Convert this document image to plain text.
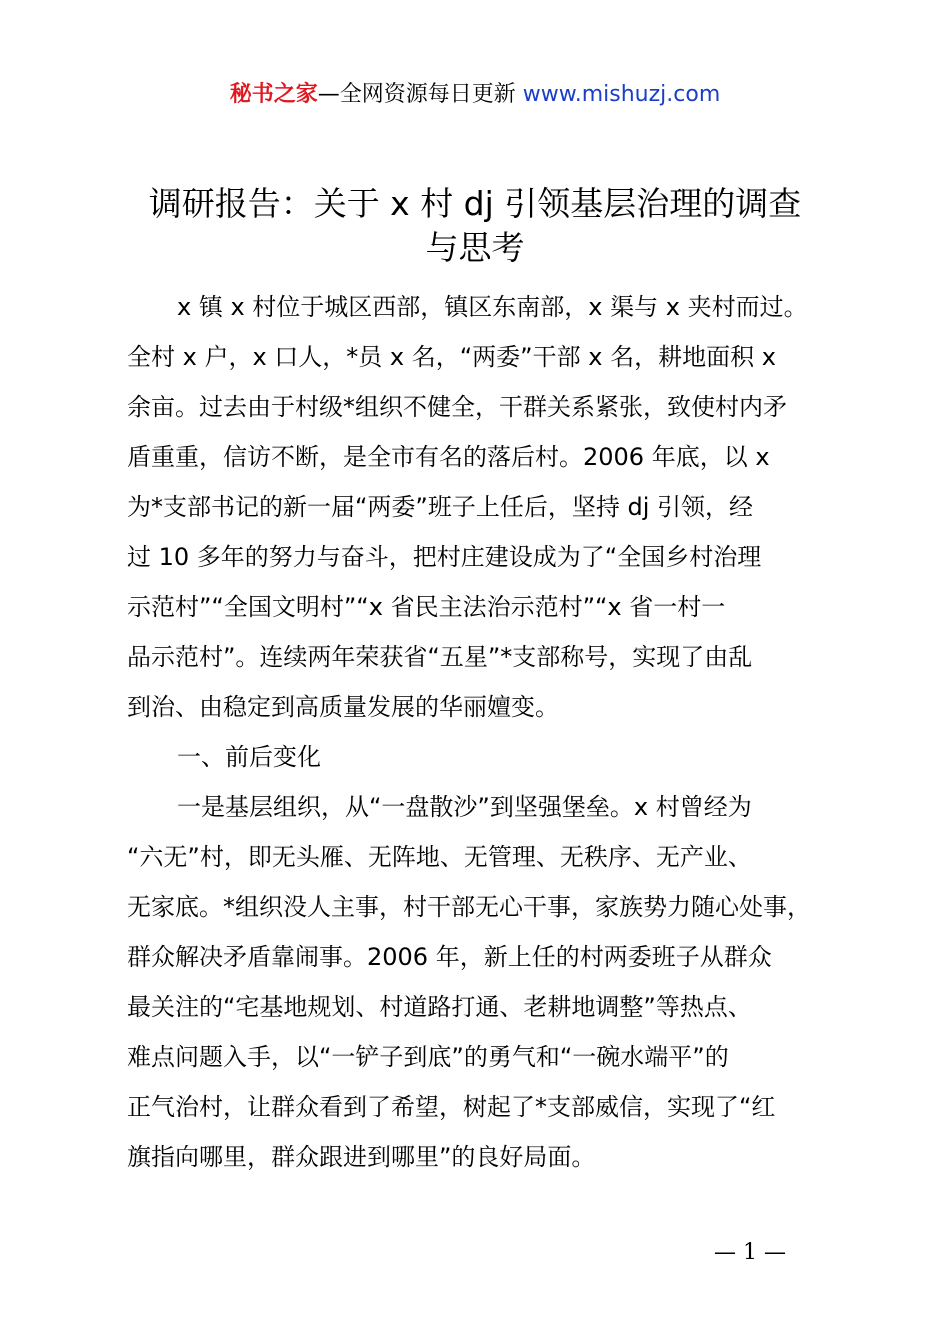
秘书之家—全网资源每日更新 www.mishuzj.com
调研报告：关于 x 村 dj 引领基层治理的调查
与思考
x 镇 x 村位于城区西部，镇区东南部，x 渠与 x 夹村而过。
全村 x 户，x 口人，*员 x 名，“两委”干部 x 名，耕地面积 x
余亩。过去由于村级*组织不健全，干群关系紧张，致使村内矛
盾重重，信访不断，是全市有名的落后村。2006 年底，以 x
为*支部书记的新一届“两委”班子上任后，坚持 dj 引领，经
过 10 多年的努力与奋斗，把村庄建设成为了“全国乡村治理
示范村”“全国文明村”“x 省民主法治示范村”“x 省一村一
品示范村”。连续两年荣获省“五星”*支部称号，实现了由乱
到治、由稳定到高质量发展的华丽嬗变。
一、前后变化
一是基层组织，从“一盘散沙”到坚强堡垒。x 村曾经为
“六无”村，即无头雁、无阵地、无管理、无秩序、无产业、
无家底。*组织没人主事，村干部无心干事，家族势力随心处事，
群众解决矛盾靠闹事。2006 年，新上任的村两委班子从群众
最关注的“宅基地规划、村道路打通、老耕地调整”等热点、
难点问题入手，以“一铲子到底”的勇气和“一碗水端平”的
正气治村，让群众看到了希望，树起了*支部威信，实现了“红
旗指向哪里，群众跟进到哪里”的良好局面。
— 1 —
